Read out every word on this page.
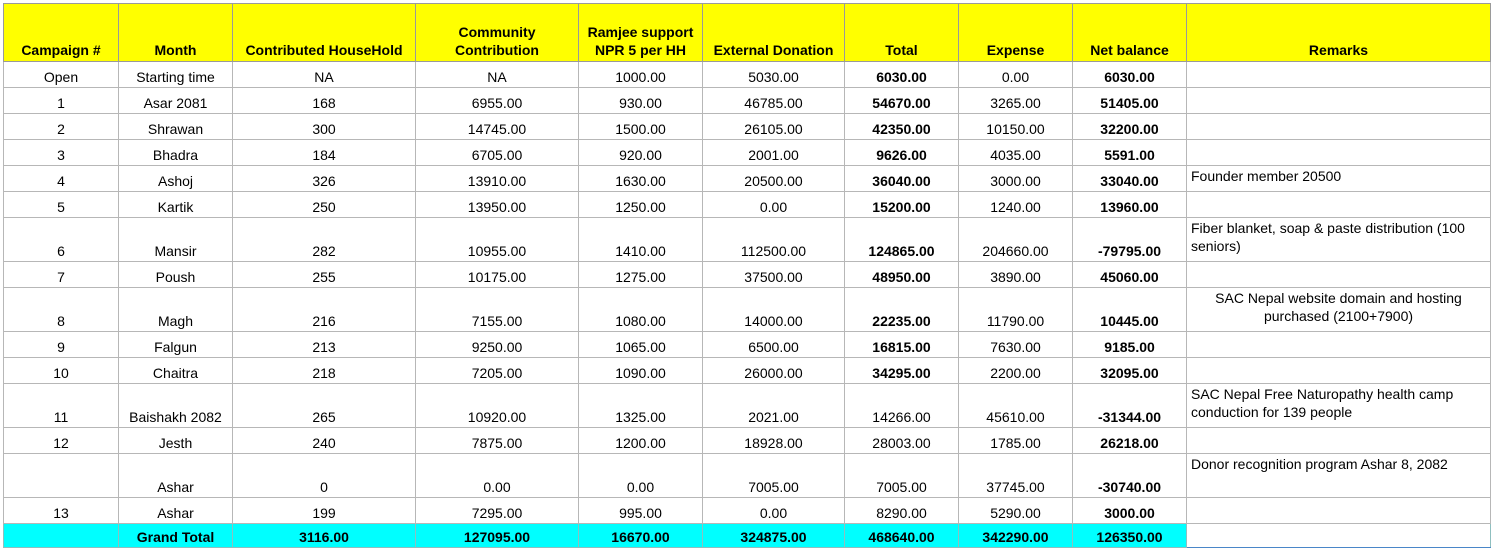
Campaign #	Month	Contributed HouseHold	Community Contribution	Ramjee support NPR 5 per HH	External Donation	Total	Expense	Net balance	Remarks
Open	Starting time	NA	NA	1000.00	5030.00	6030.00	0.00	6030.00	
1	Asar 2081	168	6955.00	930.00	46785.00	54670.00	3265.00	51405.00	
2	Shrawan	300	14745.00	1500.00	26105.00	42350.00	10150.00	32200.00	
3	Bhadra	184	6705.00	920.00	2001.00	9626.00	4035.00	5591.00	
4	Ashoj	326	13910.00	1630.00	20500.00	36040.00	3000.00	33040.00	Founder member 20500
5	Kartik	250	13950.00	1250.00	0.00	15200.00	1240.00	13960.00	
6	Mansir	282	10955.00	1410.00	112500.00	124865.00	204660.00	-79795.00	Fiber blanket, soap & paste distribution (100 seniors)
7	Poush	255	10175.00	1275.00	37500.00	48950.00	3890.00	45060.00	
8	Magh	216	7155.00	1080.00	14000.00	22235.00	11790.00	10445.00	SAC Nepal website domain and hosting purchased (2100+7900)
9	Falgun	213	9250.00	1065.00	6500.00	16815.00	7630.00	9185.00	
10	Chaitra	218	7205.00	1090.00	26000.00	34295.00	2200.00	32095.00	
11	Baishakh 2082	265	10920.00	1325.00	2021.00	14266.00	45610.00	-31344.00	SAC Nepal Free Naturopathy health camp conduction for 139 people
12	Jesth	240	7875.00	1200.00	18928.00	28003.00	1785.00	26218.00	
	Ashar	0	0.00	0.00	7005.00	7005.00	37745.00	-30740.00	Donor recognition program Ashar 8, 2082
13	Ashar	199	7295.00	995.00	0.00	8290.00	5290.00	3000.00	
	Grand Total	3116.00	127095.00	16670.00	324875.00	468640.00	342290.00	126350.00	
